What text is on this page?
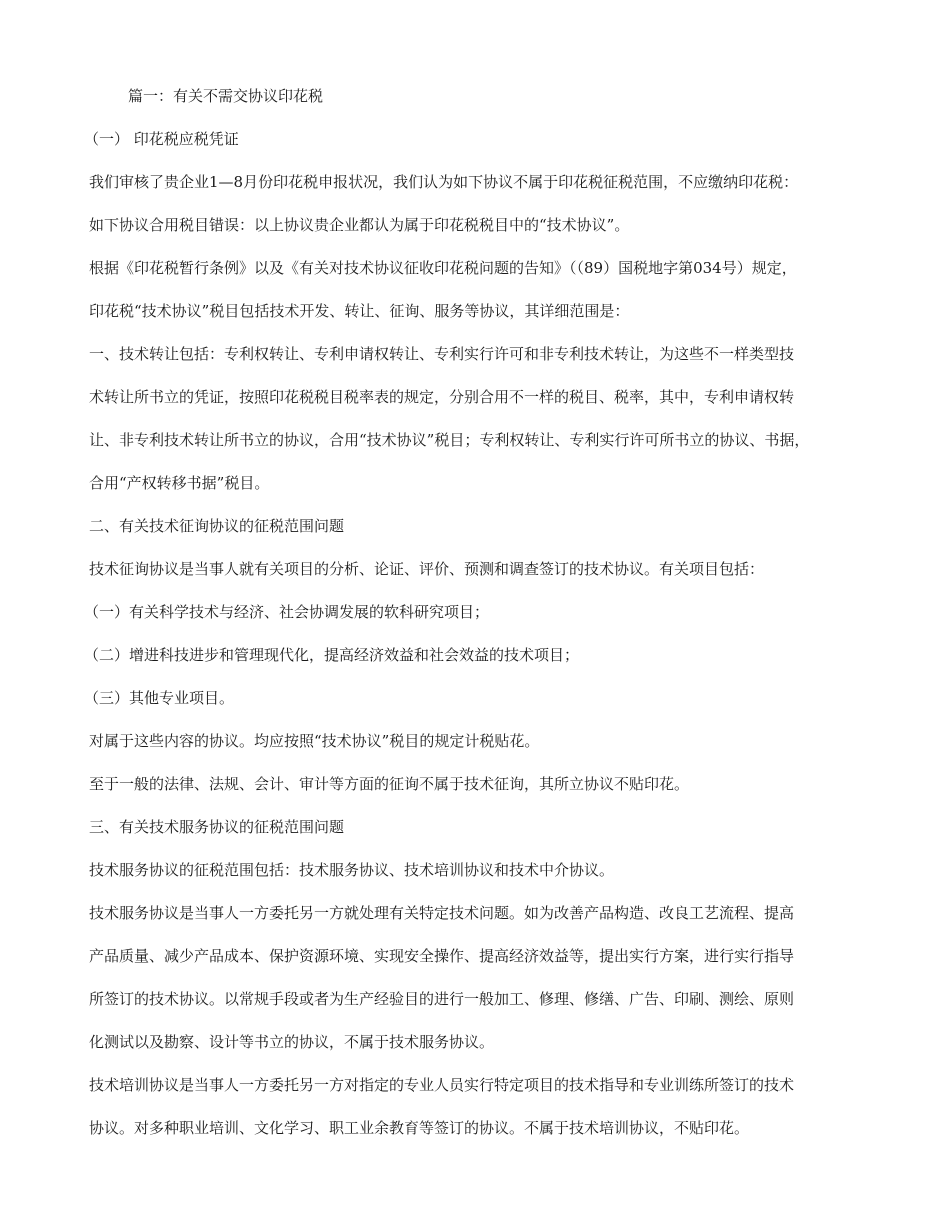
篇一：有关不需交协议印花税
（一） 印花税应税凭证
我们审核了贵企业1—8月份印花税申报状况，我们认为如下协议不属于印花税征税范围，不应缴纳印花税：
如下协议合用税目错误：以上协议贵企业都认为属于印花税税目中的“技术协议”。
根据《印花税暂行条例》以及《有关对技术协议征收印花税问题的告知》（（89）国税地字第034号）规定，
印花税“技术协议”税目包括技术开发、转让、征询、服务等协议，其详细范围是：
一、技术转让包括：专利权转让、专利申请权转让、专利实行许可和非专利技术转让，为这些不一样类型技
术转让所书立的凭证，按照印花税税目税率表的规定，分别合用不一样的税目、税率，其中，专利申请权转
让、非专利技术转让所书立的协议，合用“技术协议”税目；专利权转让、专利实行许可所书立的协议、书据，
合用“产权转移书据”税目。
二、有关技术征询协议的征税范围问题
技术征询协议是当事人就有关项目的分析、论证、评价、预测和调查签订的技术协议。有关项目包括：
（一）有关科学技术与经济、社会协调发展的软科研究项目；
（二）增进科技进步和管理现代化，提高经济效益和社会效益的技术项目；
（三）其他专业项目。
对属于这些内容的协议。均应按照“技术协议”税目的规定计税贴花。
至于一般的法律、法规、会计、审计等方面的征询不属于技术征询，其所立协议不贴印花。
三、有关技术服务协议的征税范围问题
技术服务协议的征税范围包括：技术服务协议、技术培训协议和技术中介协议。
技术服务协议是当事人一方委托另一方就处理有关特定技术问题。如为改善产品构造、改良工艺流程、提高
产品质量、减少产品成本、保护资源环境、实现安全操作、提高经济效益等，提出实行方案，进行实行指导
所签订的技术协议。以常规手段或者为生产经验目的进行一般加工、修理、修缮、广告、印刷、测绘、原则
化测试以及勘察、设计等书立的协议，不属于技术服务协议。
技术培训协议是当事人一方委托另一方对指定的专业人员实行特定项目的技术指导和专业训练所签订的技术
协议。对多种职业培训、文化学习、职工业余教育等签订的协议。不属于技术培训协议，不贴印花。
